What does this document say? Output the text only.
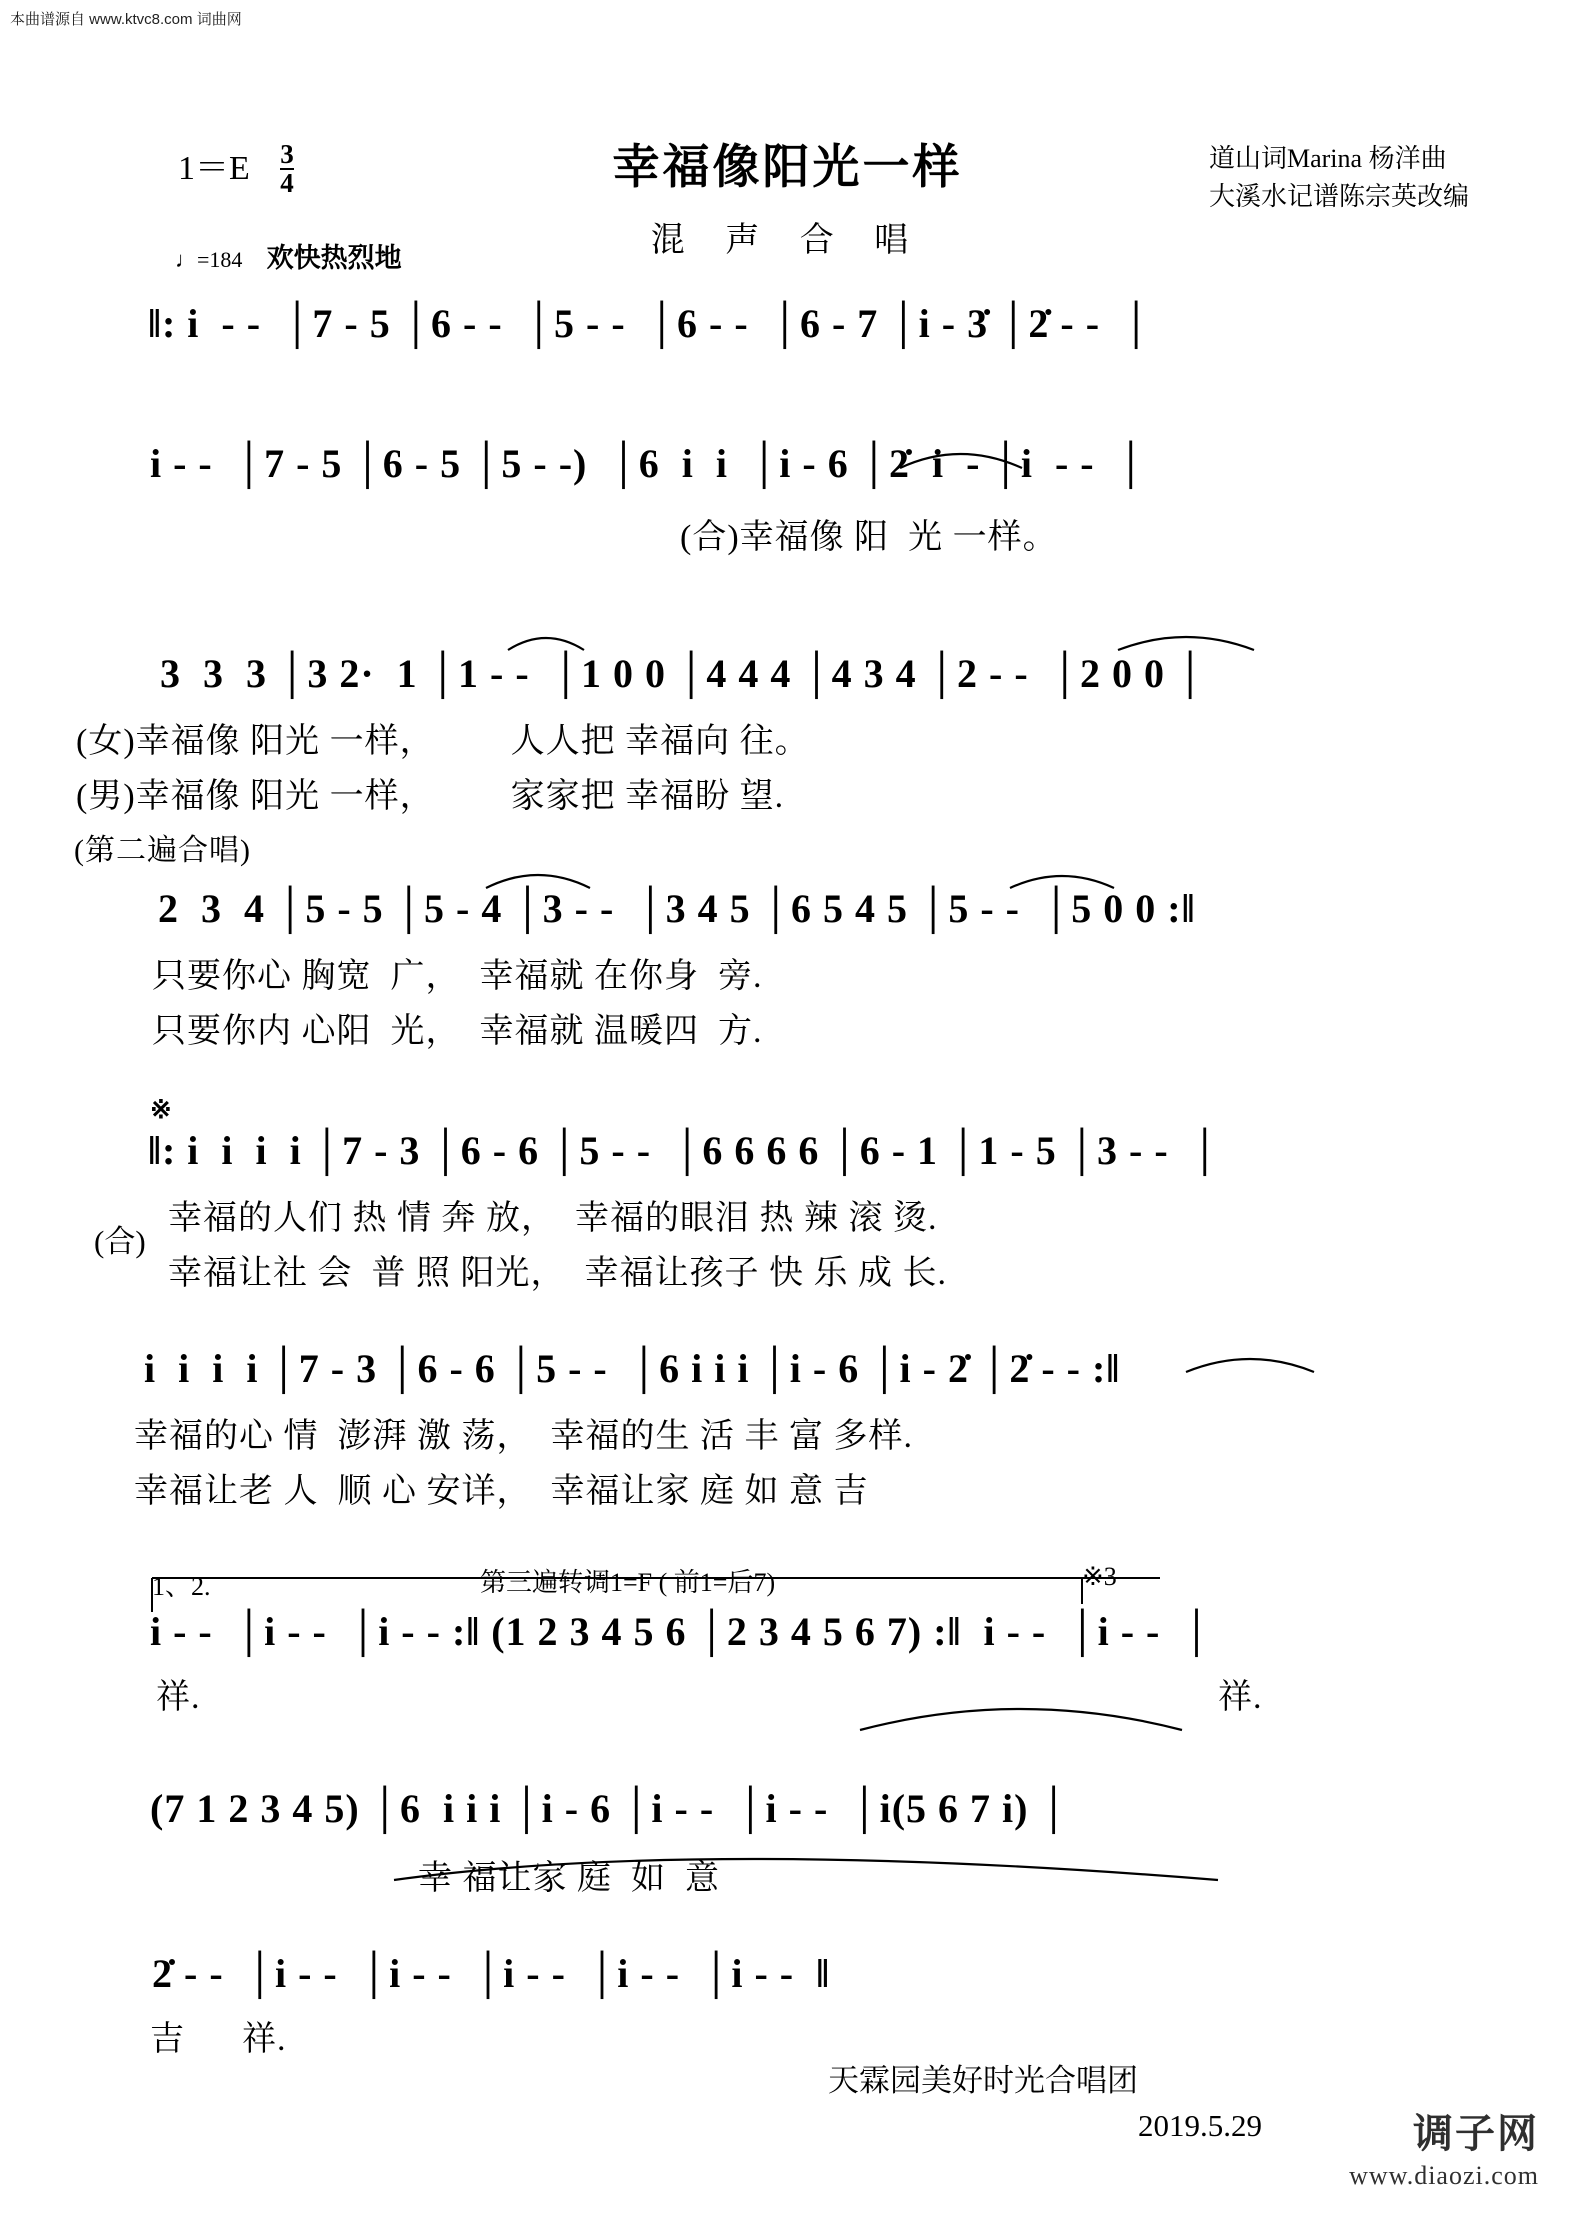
本曲谱源自 www.ktvc8.com 词曲网
$1=E \frac{3}{4}$
♩=184 欢快热烈地
幸福像阳光一样
混 声 合 唱
道山词Marina 杨洋曲
大溪水记谱陈宗英改编
‖: i  - -  │7 - 5 │6 - -  │5 - -  │6 - -  │6 - 7 │i - 3̇ │2̇ - -  │
i - -  │7 - 5 │6 - 5 │5 - -)  │6  i  i  │i - 6 │2̇  i  - │i  - -  │
(合)幸福像 阳  光 一样。
3  3  3 │3 2·  1 │1 - -  │1 0 0 │4 4 4 │4 3 4 │2 - -  │2 0 0 │
(女)幸福像 阳光 一样，        人人把 幸福向 往。
(男)幸福像 阳光 一样，        家家把 幸福盼 望.
(第二遍合唱)
2  3  4 │5 - 5 │5 - 4 │3 - -  │3 4 5 │6 5 4 5 │5 - -  │5 0 0 :‖
只要你心 胸宽  广，  幸福就 在你身  旁.
只要你内 心阳  光，  幸福就 温暖四  方.
※
‖: i  i  i  i │7 - 3 │6 - 6 │5 - -  │6 6 6 6 │6 - 1 │1 - 5 │3 - -  │
(合)
幸福的人们 热 情 奔 放，  幸福的眼泪 热 辣 滚 烫.
幸福让社 会  普 照 阳光，  幸福让孩子 快 乐 成 长.
i  i  i  i │7 - 3 │6 - 6 │5 - -  │6 i i i │i - 6 │i - 2̇ │2̇ - - :‖
幸福的心 情  澎湃 激 荡，  幸福的生 活 丰 富 多样.
幸福让老 人  顺 心 安详，  幸福让家 庭 如 意 吉
1、2.	第三遍转调1=F ( 前1=后7)	※3
i - -  │i - -  │i - - :‖ (1 2 3 4 5 6 │2 3 4 5 6 7) :‖  i - -  │i - -  │
祥.	祥.
(7 1 2 3 4 5) │6  i i i │i - 6 │i - -  │i - -  │i(5 6 7 i) │
幸 福让家 庭  如  意
2̇ - -  │i - -  │i - -  │i - -  │i - -  │i - -  ‖
吉      祥.
天霖园美好时光合唱团
2019.5.29	调子网
www.diaozi.com
